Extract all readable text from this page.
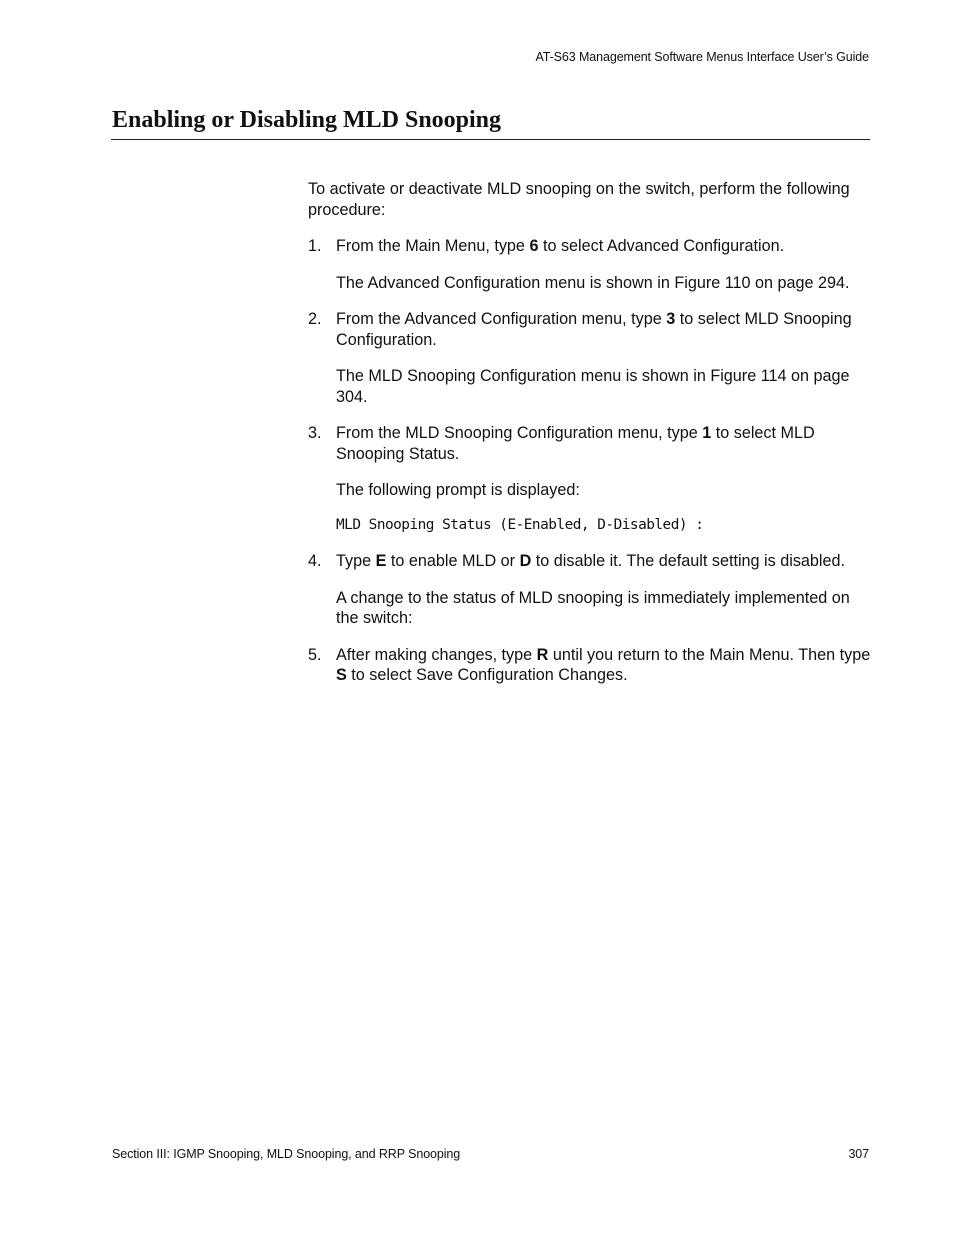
AT-S63 Management Software Menus Interface User’s Guide
Enabling or Disabling MLD Snooping

To activate or deactivate MLD snooping on the switch, perform the following procedure:

1. From the Main Menu, type 6 to select Advanced Configuration.

The Advanced Configuration menu is shown in Figure 110 on page 294.

2. From the Advanced Configuration menu, type 3 to select MLD Snooping Configuration.

The MLD Snooping Configuration menu is shown in Figure 114 on page 304.

3. From the MLD Snooping Configuration menu, type 1 to select MLD Snooping Status.

The following prompt is displayed:

MLD Snooping Status (E-Enabled, D-Disabled) :

4. Type E to enable MLD or D to disable it. The default setting is disabled.

A change to the status of MLD snooping is immediately implemented on the switch:

5. After making changes, type R until you return to the Main Menu. Then type S to select Save Configuration Changes.

Section III: IGMP Snooping, MLD Snooping, and RRP Snooping	307
